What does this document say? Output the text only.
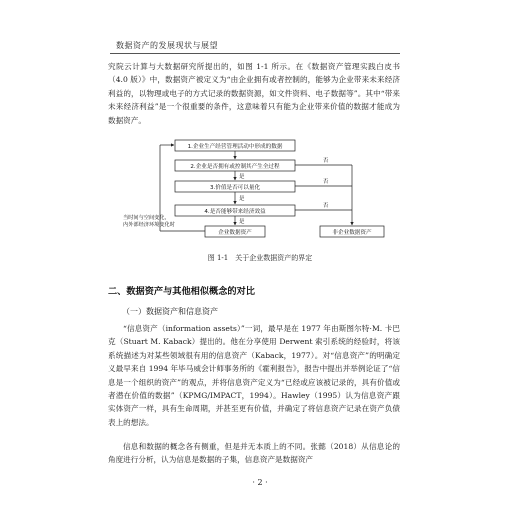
数据资产的发展现状与展望
究院云计算与大数据研究所提出的，如图 1-1 所示。在《数据资产管理实践白皮书（4.0 版）》中，数据资产被定义为“由企业拥有或者控制的，能够为企业带来未来经济利益的，以物理或电子的方式记录的数据资源，如文件资料、电子数据等”。其中“带来未来经济利益”是一个很重要的条件，这意味着只有能为企业带来价值的数据才能成为数据资产。
1.企业生产经营管理活动中形成的数据
2.企业是否拥有或控制其产生全过程
3.价值是否可以量化
4.是否能够带来经济效益
企业数据资产	非企业数据资产
是
是
是
否
否
否
当时间与空间变化，
内外部经济环境变化时
图 1-1　关于企业数据资产的界定
二、数据资产与其他相似概念的对比
（一）数据资产和信息资产
“信息资产（information assets）”一词，最早是在 1977 年由斯图尔特·M. 卡巴克（Stuart M. Kaback）提出的。他在分享使用 Derwent 索引系统的经验时，将该系统描述为对某些领域很有用的信息资产（Kaback，1977）。对“信息资产”的明确定义最早来自 1994 年毕马威会计师事务所的《霍利报告》，报告中提出并举例论证了“信息是一个组织的资产”的观点，并将信息资产定义为“已经或应该被记录的，具有价值或者潜在价值的数据”（KPMG/IMPACT，1994）。Hawley（1995）认为信息资产跟实体资产一样，具有生命周期，并甚至更有价值，并确定了将信息资产记录在资产负债表上的想法。
信息和数据的概念各有侧重，但是并无本质上的不同。张懿（2018）从信息论的角度进行分析，认为信息是数据的子集，信息资产是数据资产
· 2 ·
